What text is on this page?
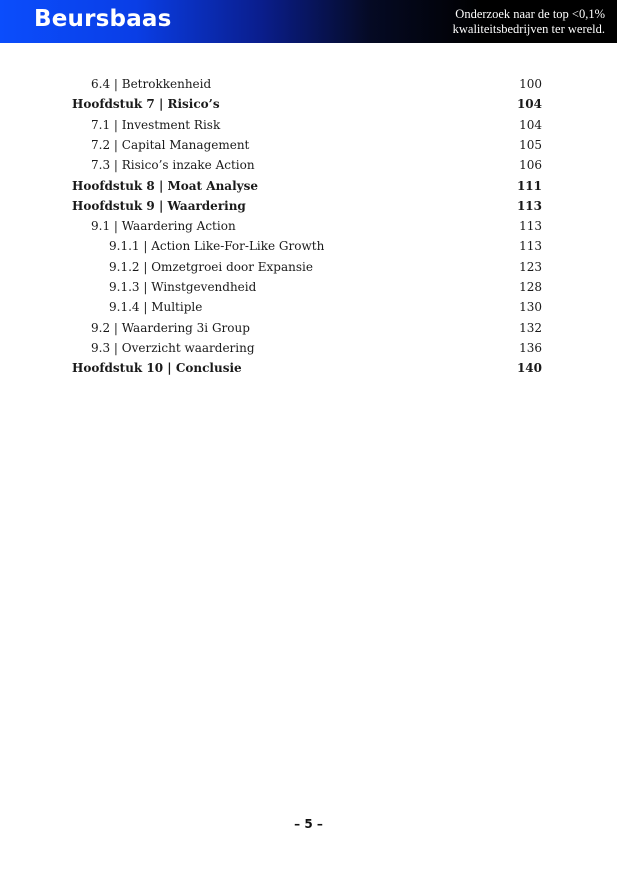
Beursbaas	Onderzoek naar de top <0,1%
kwaliteitsbedrijven ter wereld.
6.4 | Betrokkenheid	100
Hoofdstuk 7 | Risico’s	104
7.1 | Investment Risk	104
7.2 | Capital Management	105
7.3 | Risico’s inzake Action	106
Hoofdstuk 8 | Moat Analyse	111
Hoofdstuk 9 | Waardering	113
9.1 | Waardering Action	113
9.1.1 | Action Like-For-Like Growth	113
9.1.2 | Omzetgroei door Expansie	123
9.1.3 | Winstgevendheid	128
9.1.4 | Multiple	130
9.2 | Waardering 3i Group	132
9.3 | Overzicht waardering	136
Hoofdstuk 10 | Conclusie	140
– 5 –
